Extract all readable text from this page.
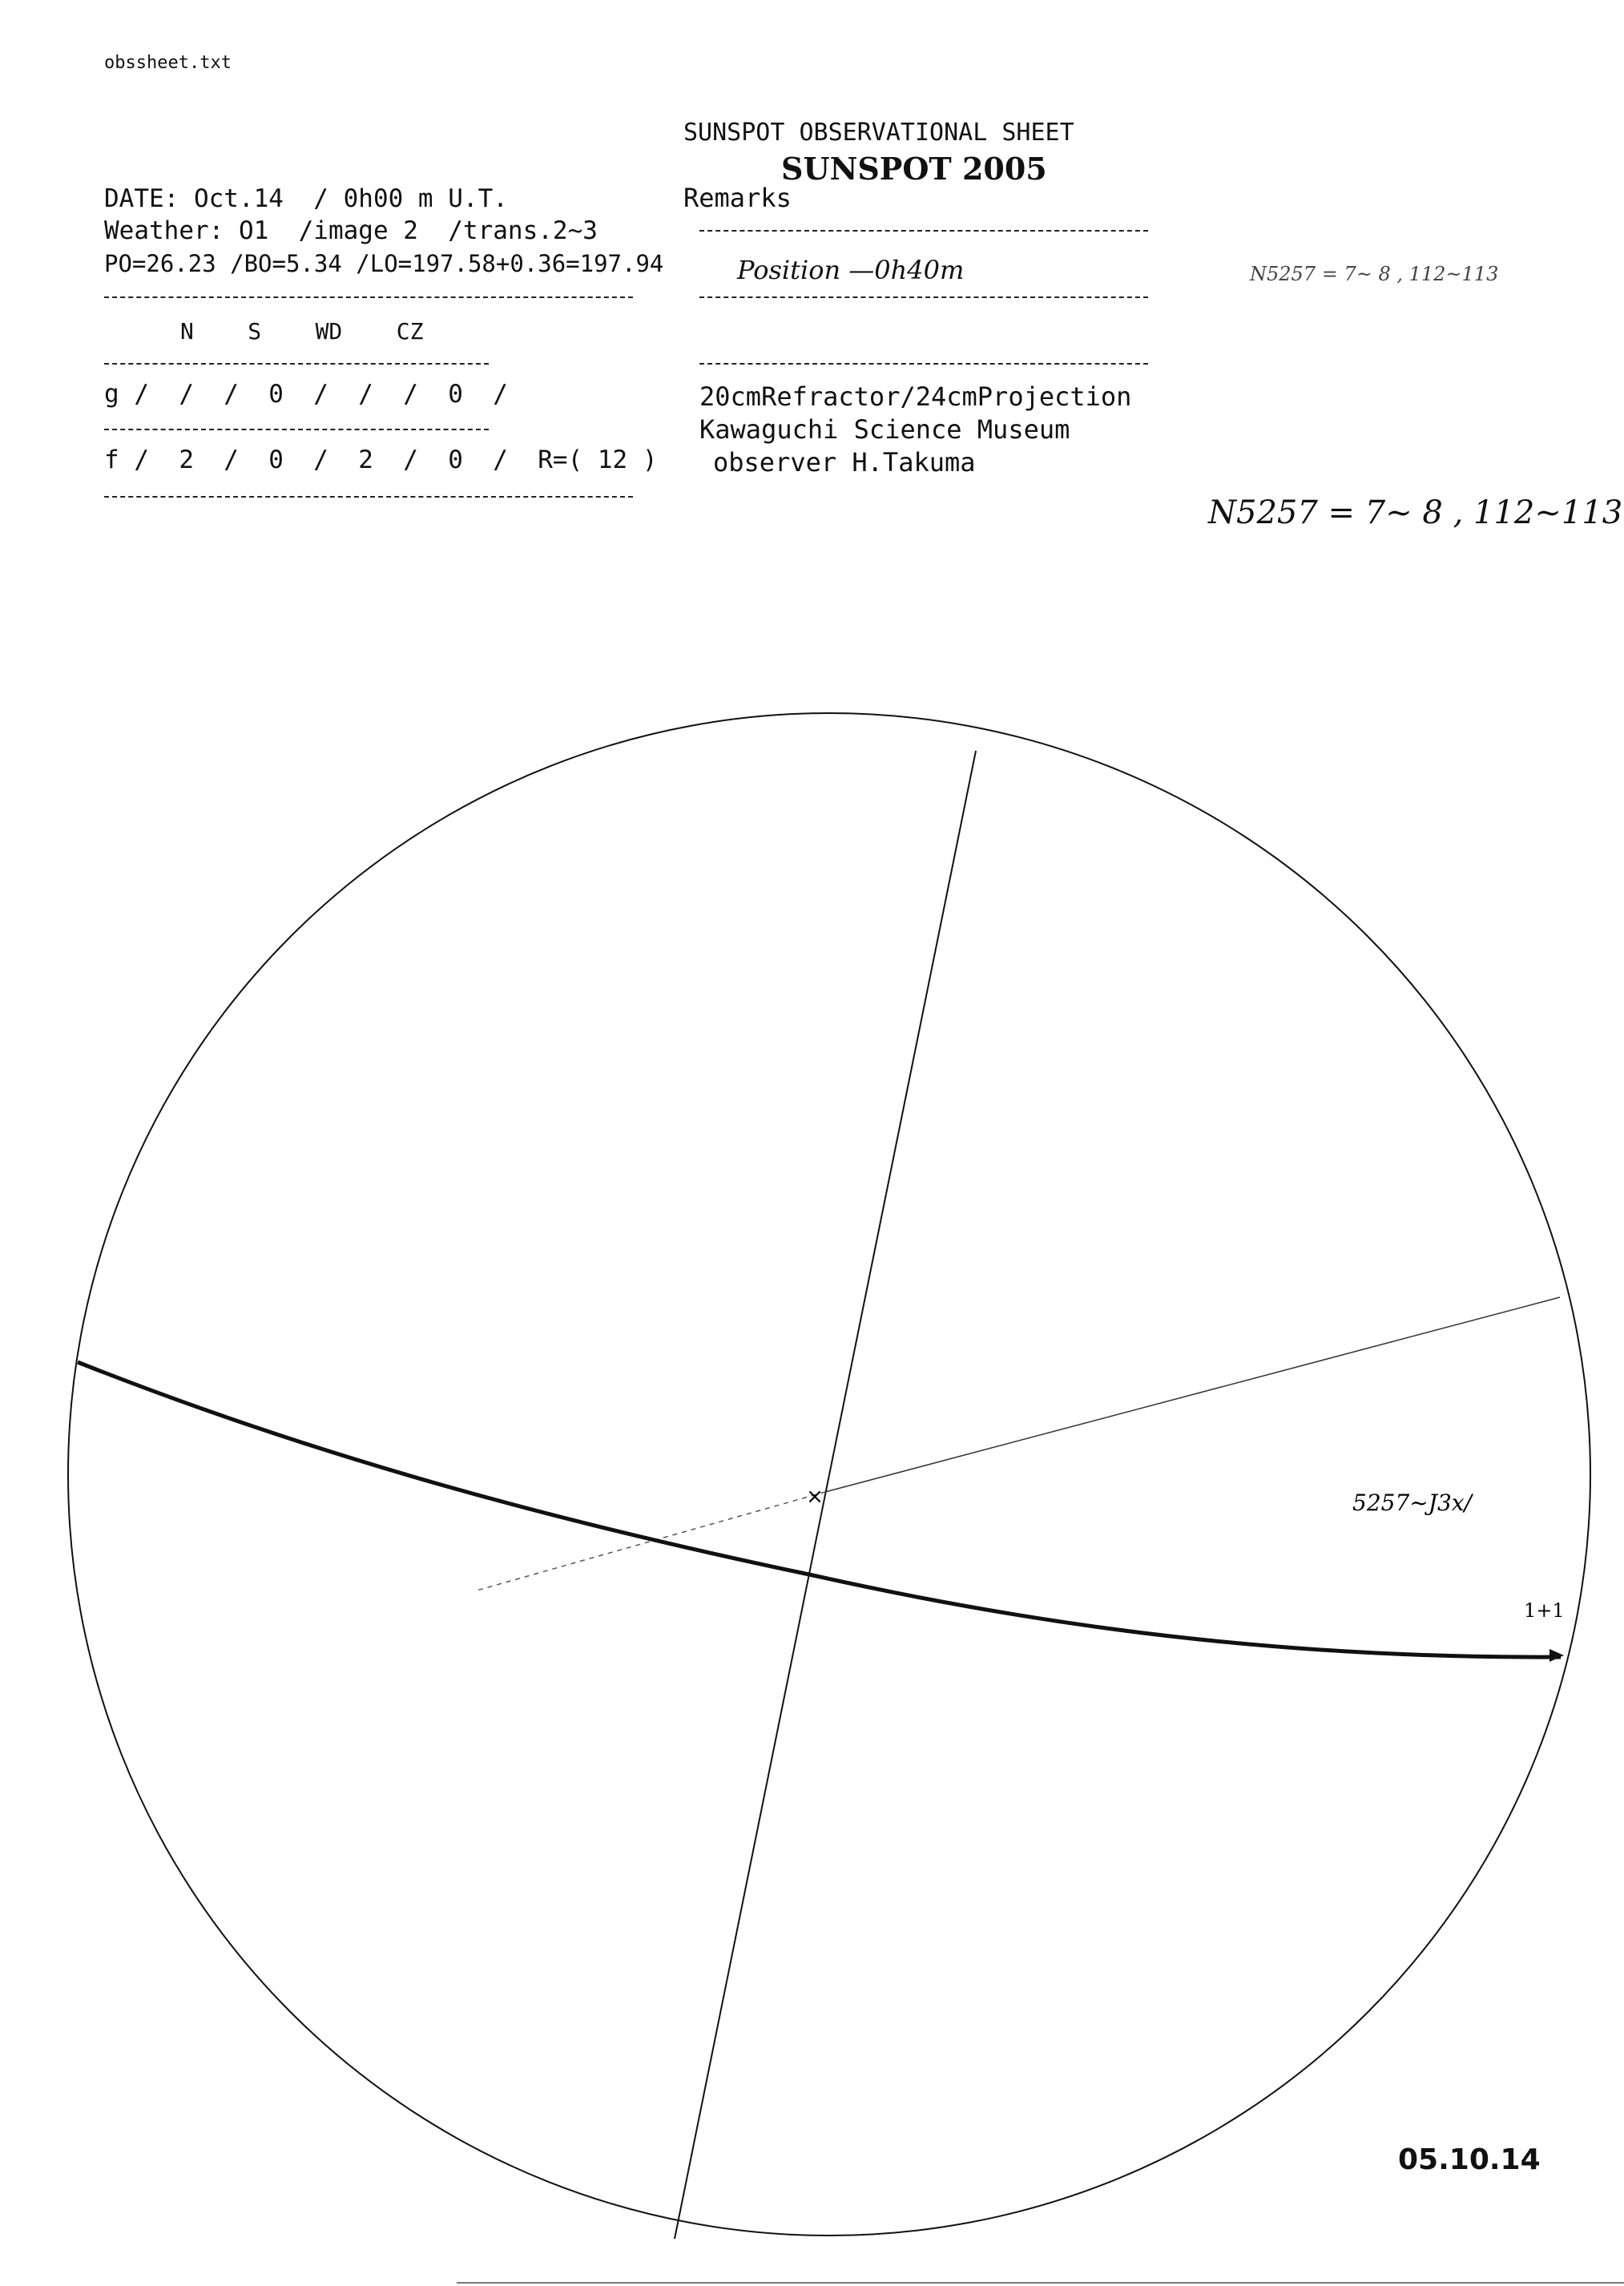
obssheet.txt
SUNSPOT OBSERVATIONAL SHEET
SUNSPOT 2005
Remarks
DATE: Oct.14  / 0h00 m U.T.
Weather: O1  /image 2  /trans.2~3
PO=26.23 /BO=5.34 /LO=197.58+0.36=197.94
N    S    WD    CZ
g /  /  /  0  /  /  /  0  /
f /  2  /  0  /  2  /  0  /  R=( 12 )
Position —0h40m	N5257 = 7~ 8 , 112~113
20cmRefractor/24cmProjection
Kawaguchi Science Museum
observer H.Takuma
N5257 = 7~ 8 , 112~113
×	5257~J3x/
1+1
05.10.14
